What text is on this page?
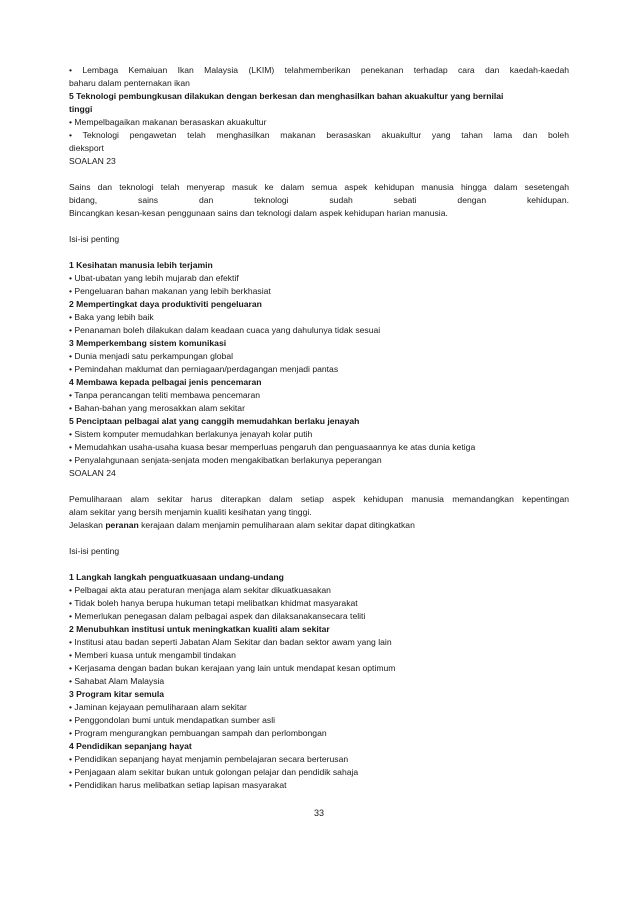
• Lembaga Kemaiuan Ikan Malaysia (LKIM) telahmemberikan penekanan terhadap cara dan kaedah-kaedah
baharu dalam penternakan ikan
5 Teknologi pembungkusan dilakukan dengan berkesan dan menghasilkan bahan akuakultur yang bernilai
tinggi
• Mempelbagaikan makanan berasaskan akuakultur
• Teknologi pengawetan telah menghasilkan makanan berasaskan akuakultur yang tahan lama dan boleh
dieksport
SOALAN 23
Sains dan teknologi telah menyerap masuk ke dalam semua aspek kehidupan manusia hingga dalam sesetengah
bidang, sains dan teknologi sudah sebati dengan kehidupan.
Bincangkan kesan-kesan penggunaan sains dan teknologi dalam aspek kehidupan harian manusia.
Isi-isi penting
1 Kesihatan manusia lebih terjamin
• Ubat-ubatan yang lebih mujarab dan efektif
• Pengeluaran bahan makanan yang lebih berkhasiat
2 Mempertingkat daya produktiviti pengeluaran
• Baka yang lebih baik
• Penanaman boleh dilakukan dalam keadaan cuaca yang dahulunya tidak sesuai
3 Memperkembang sistem komunikasi
• Dunia menjadi satu perkampungan global
• Pemindahan maklumat dan perniagaan/perdagangan menjadi pantas
4 Membawa kepada pelbagai jenis pencemaran
• Tanpa perancangan teliti membawa pencemaran
• Bahan-bahan yang merosakkan alam sekitar
5 Penciptaan pelbagai alat yang canggih memudahkan berlaku jenayah
• Sistem komputer memudahkan berlakunya jenayah kolar putih
• Memudahkan usaha-usaha kuasa besar memperluas pengaruh dan penguasaannya ke atas dunia ketiga
• Penyalahgunaan senjata-senjata moden mengakibatkan berlakunya peperangan
SOALAN 24
Pemuliharaan alam sekitar harus diterapkan dalam setiap aspek kehidupan manusia memandangkan kepentingan
alam sekitar yang bersih menjamin kualiti kesihatan yang tinggi.
Jelaskan peranan kerajaan dalam menjamin pemuliharaan alam sekitar dapat ditingkatkan
Isi-isi penting
1 Langkah langkah penguatkuasaan undang-undang
• Pelbagai akta atau peraturan menjaga alam sekitar dikuatkuasakan
• Tidak boleh hanya berupa hukuman tetapi melibatkan khidmat masyarakat
• Memerlukan penegasan dalam pelbagai aspek dan dilaksanakansecara teliti
2 Menubuhkan institusi untuk meningkatkan kualiti alam sekitar
• Institusi atau badan seperti Jabatan Alam Sekitar dan badan sektor awam yang lain
• Memberi kuasa untuk mengambil tindakan
• Kerjasama dengan badan bukan kerajaan yang lain untuk mendapat kesan optimum
• Sahabat Alam Malaysia
3 Program kitar semula
• Jaminan kejayaan pemuliharaan alam sekitar
• Penggondolan bumi untuk mendapatkan sumber asli
• Program mengurangkan pembuangan sampah dan perlombongan
4 Pendidikan sepanjang hayat
• Pendidikan sepanjang hayat menjamin pembelajaran secara berterusan
• Penjagaan alam sekitar bukan untuk golongan pelajar dan pendidik sahaja
• Pendidikan harus melibatkan setiap lapisan masyarakat
33
